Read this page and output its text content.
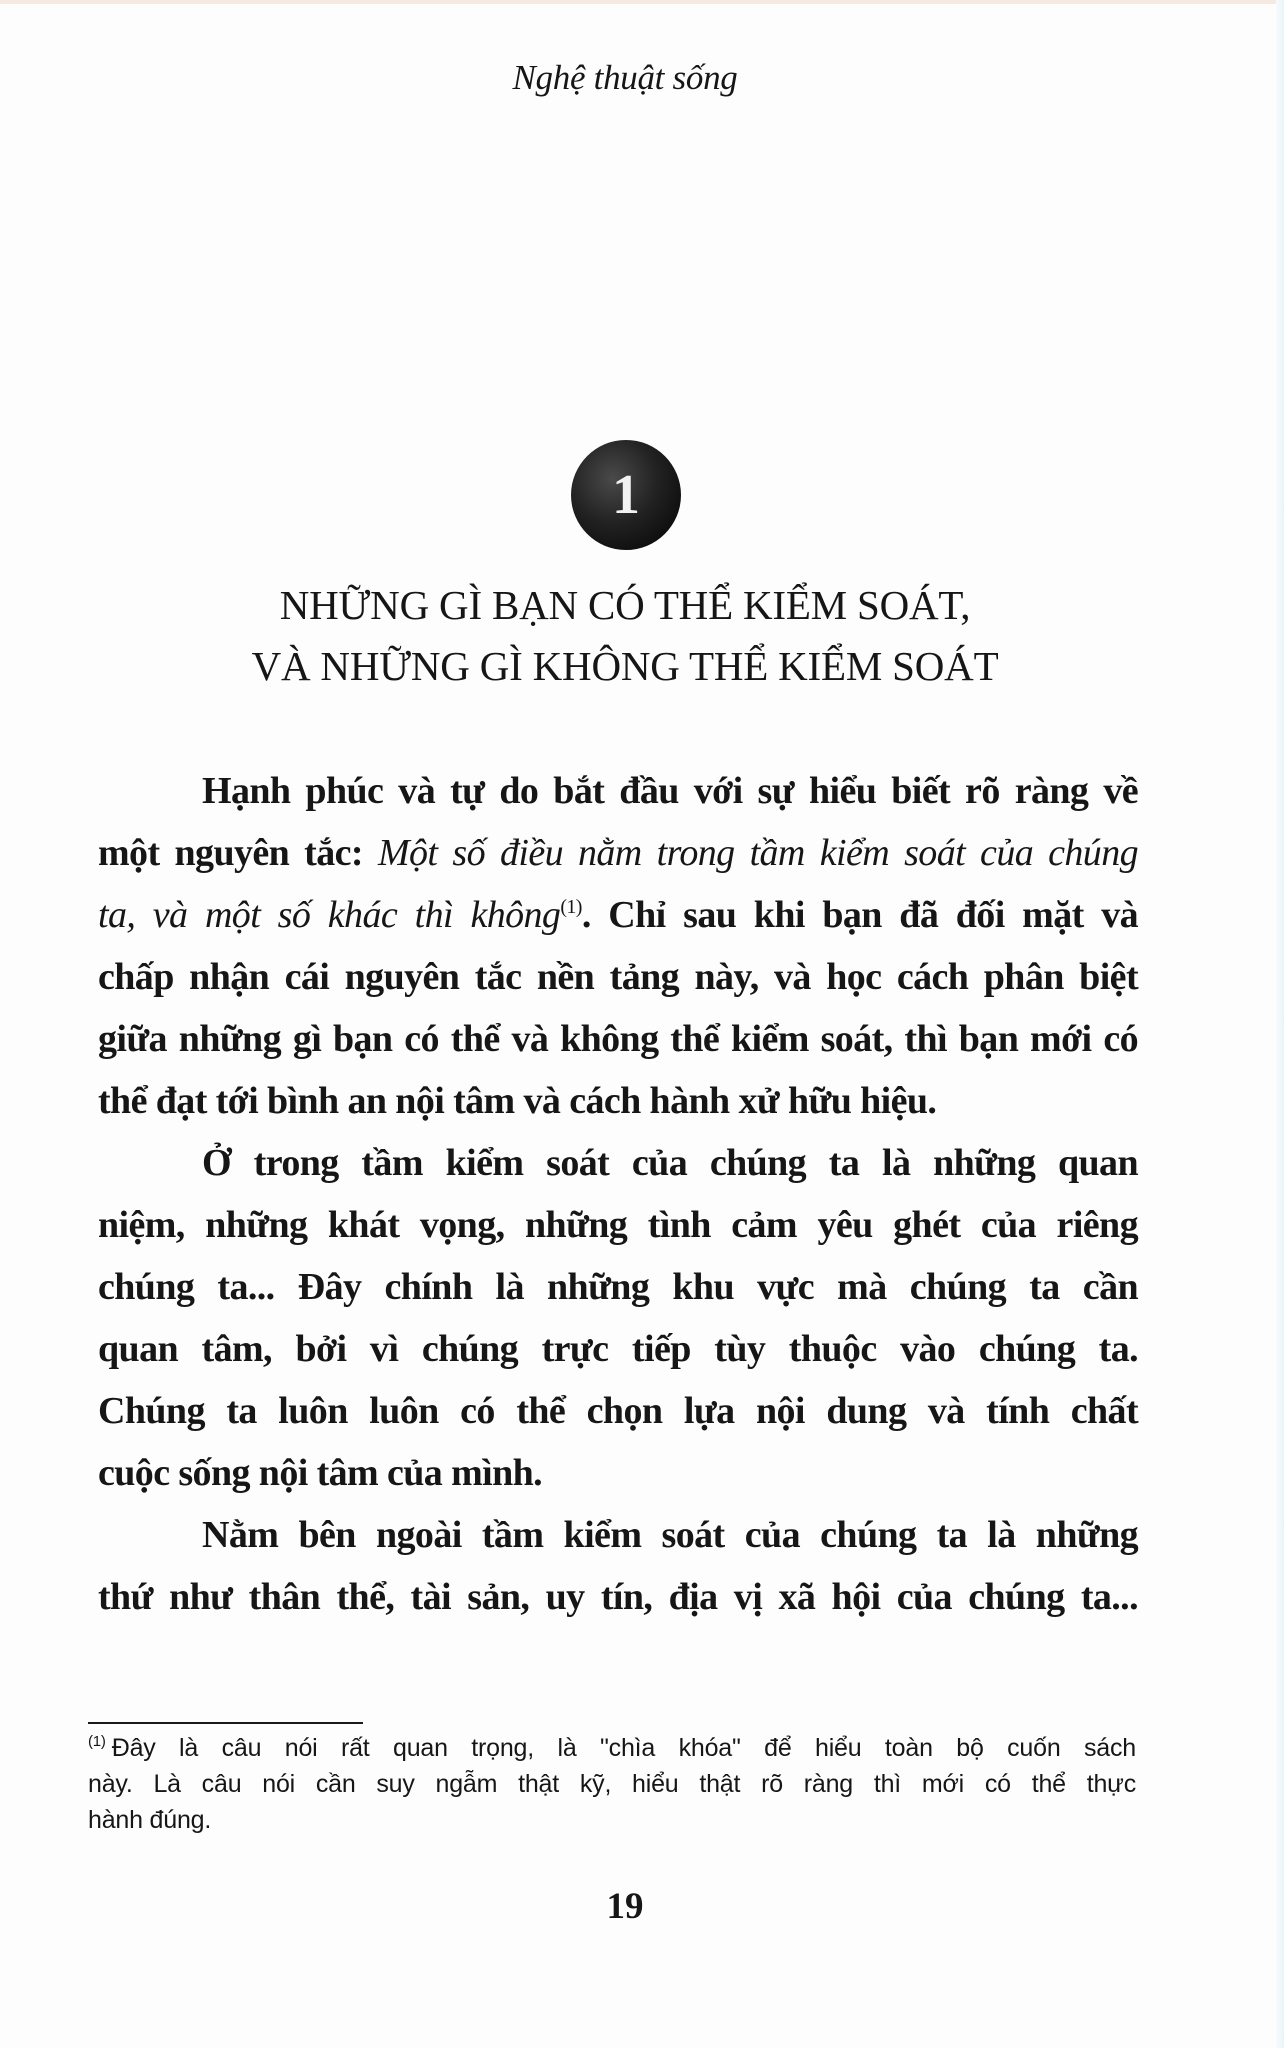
Nghệ thuật sống
1
NHỮNG GÌ BẠN CÓ THỂ KIỂM SOÁT,
VÀ NHỮNG GÌ KHÔNG THỂ KIỂM SOÁT
Hạnh phúc và tự do bắt đầu với sự hiểu biết rõ ràng về
một nguyên tắc: Một số điều nằm trong tầm kiểm soát của chúng
ta, và một số khác thì không$^{(1)}$. Chỉ sau khi bạn đã đối mặt và
chấp nhận cái nguyên tắc nền tảng này, và học cách phân biệt
giữa những gì bạn có thể và không thể kiểm soát, thì bạn mới có
thể đạt tới bình an nội tâm và cách hành xử hữu hiệu.
Ở trong tầm kiểm soát của chúng ta là những quan
niệm, những khát vọng, những tình cảm yêu ghét của riêng
chúng ta... Đây chính là những khu vực mà chúng ta cần
quan tâm, bởi vì chúng trực tiếp tùy thuộc vào chúng ta.
Chúng ta luôn luôn có thể chọn lựa nội dung và tính chất
cuộc sống nội tâm của mình.
Nằm bên ngoài tầm kiểm soát của chúng ta là những
thứ như thân thể, tài sản, uy tín, địa vị xã hội của chúng ta...
$^{(1)}$ Đây là câu nói rất quan trọng, là "chìa khóa" để hiểu toàn bộ cuốn sách
này. Là câu nói cần suy ngẫm thật kỹ, hiểu thật rõ ràng thì mới có thể thực
hành đúng.
19
